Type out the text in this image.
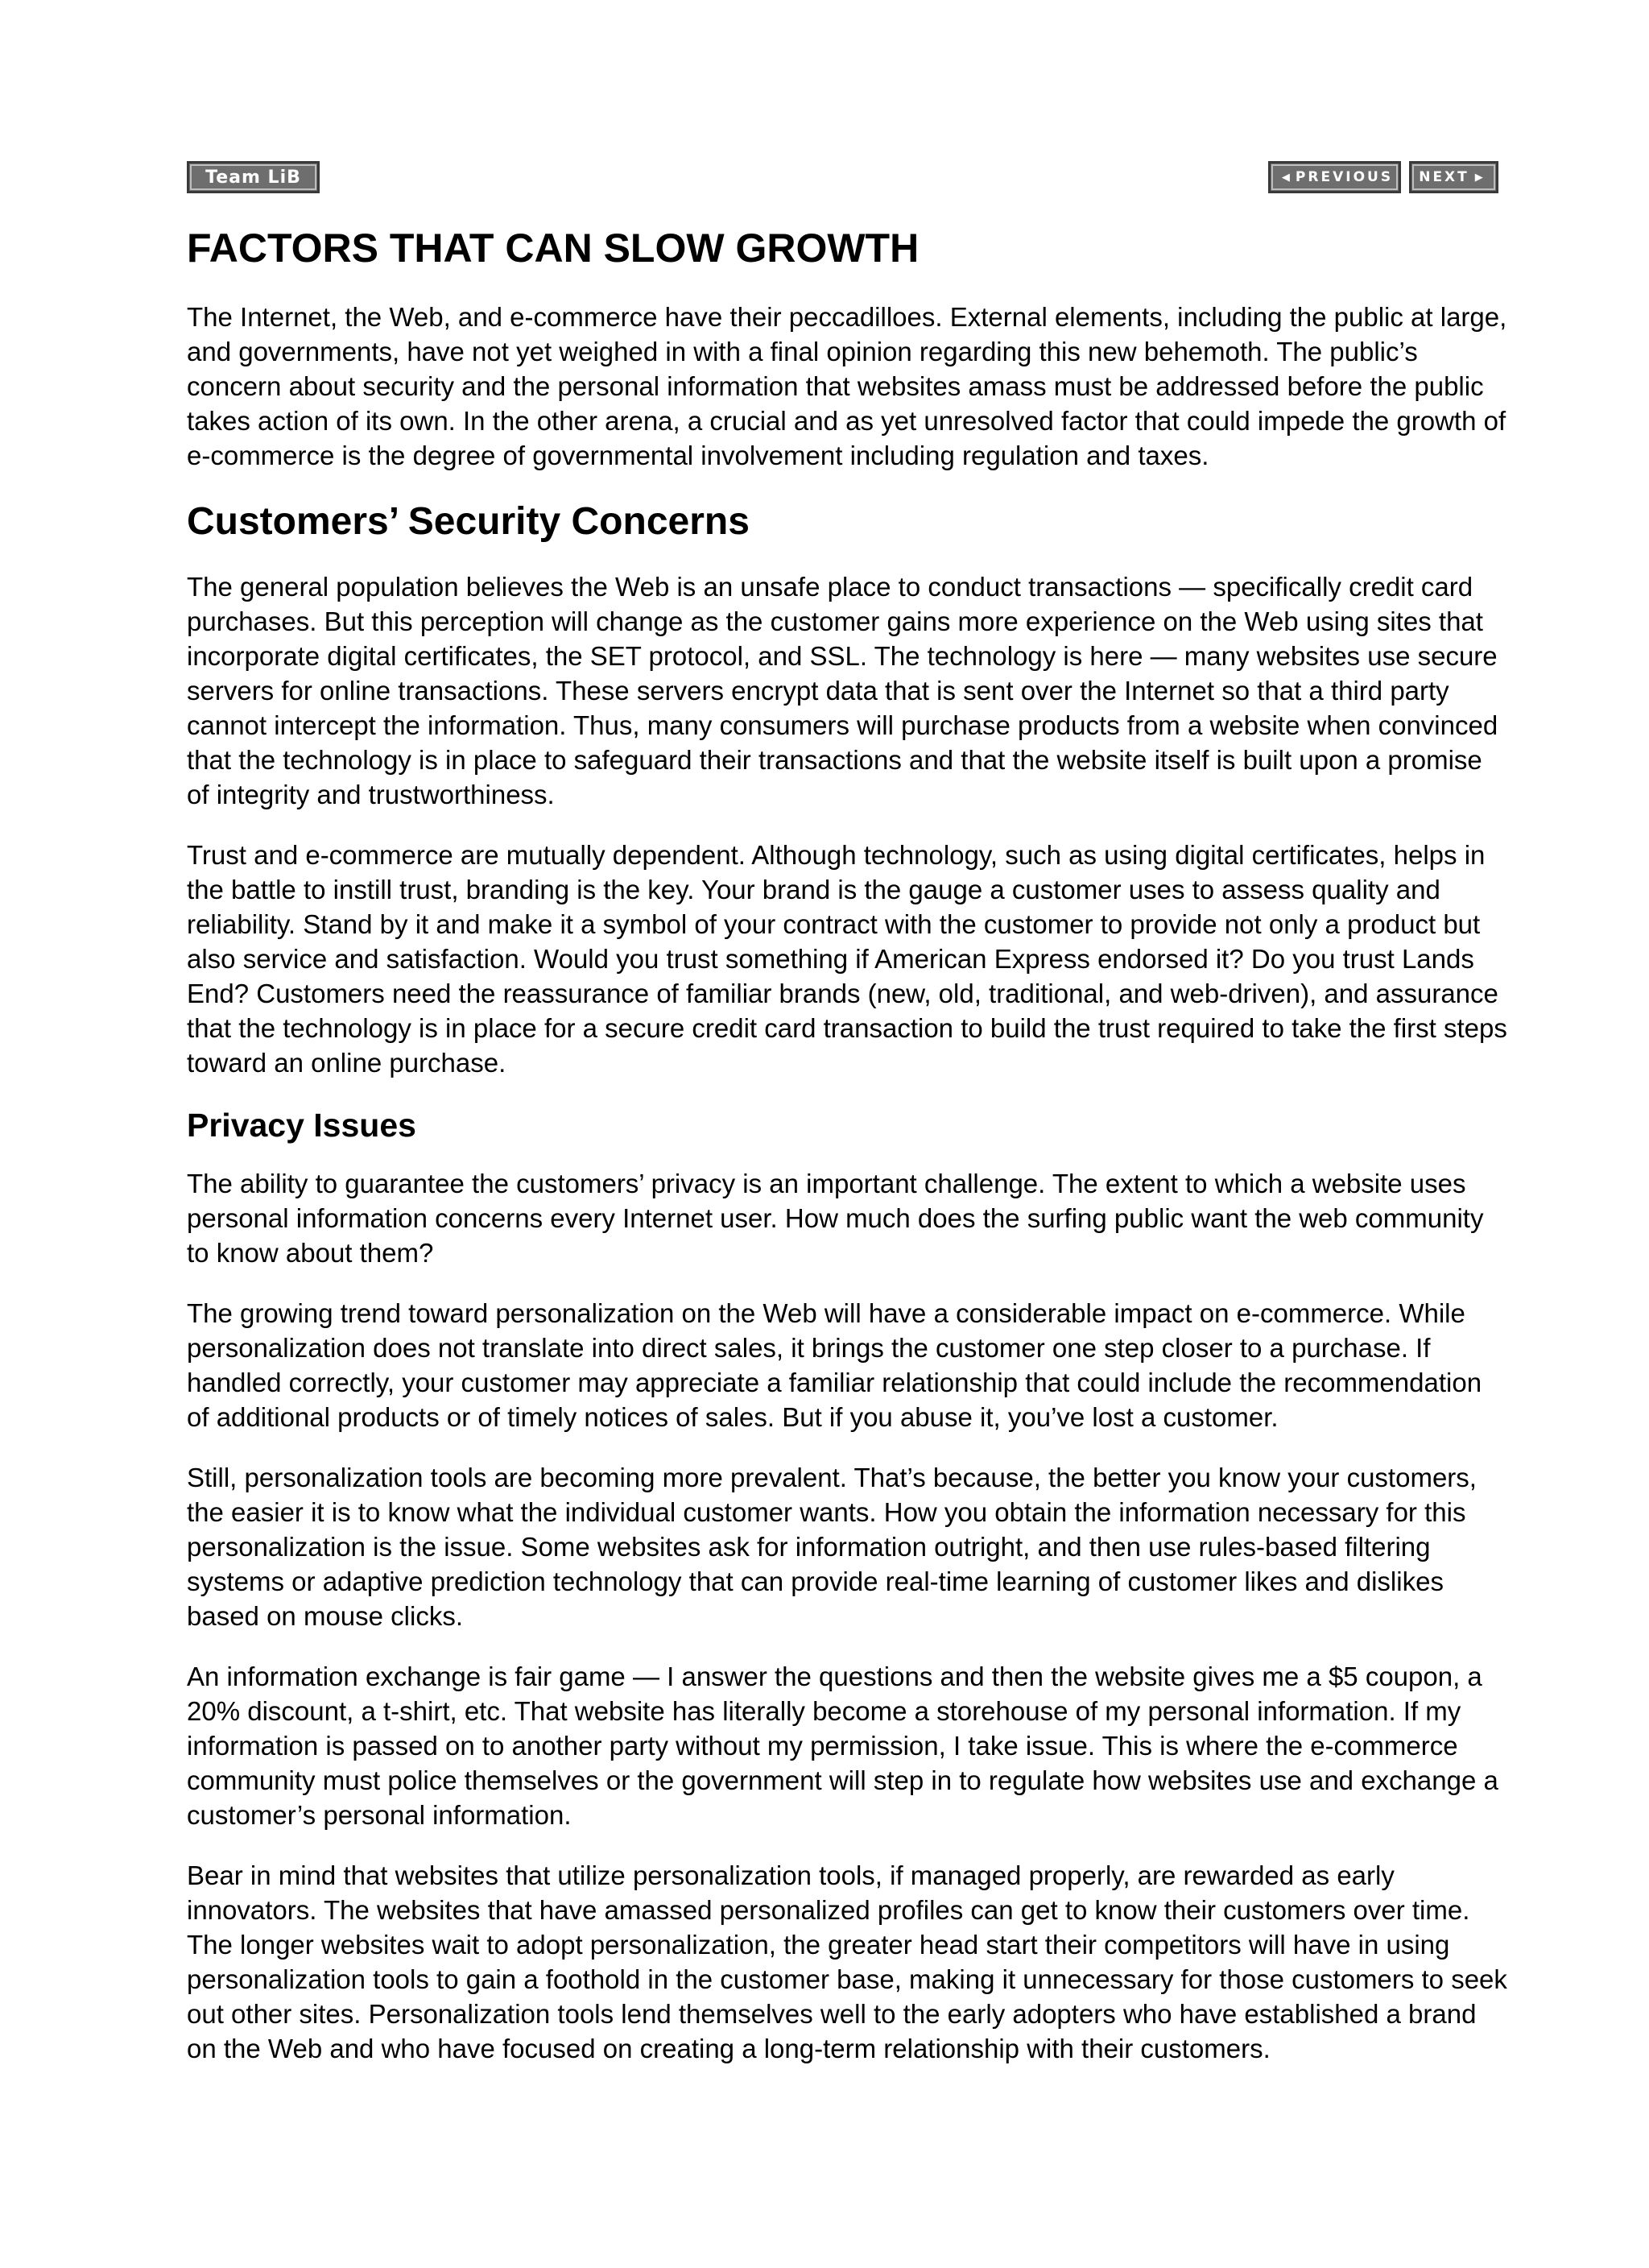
Team LiB	◀ PREVIOUS NEXT ▶
FACTORS THAT CAN SLOW GROWTH

The Internet, the Web, and e-commerce have their peccadilloes. External elements, including the public at large, and governments, have not yet weighed in with a final opinion regarding this new behemoth. The public’s concern about security and the personal information that websites amass must be addressed before the public takes action of its own. In the other arena, a crucial and as yet unresolved factor that could impede the growth of e-commerce is the degree of governmental involvement including regulation and taxes.

Customers’ Security Concerns

The general population believes the Web is an unsafe place to conduct transactions — specifically credit card purchases. But this perception will change as the customer gains more experience on the Web using sites that incorporate digital certificates, the SET protocol, and SSL. The technology is here — many websites use secure servers for online transactions. These servers encrypt data that is sent over the Internet so that a third party cannot intercept the information. Thus, many consumers will purchase products from a website when convinced that the technology is in place to safeguard their transactions and that the website itself is built upon a promise of integrity and trustworthiness.

Trust and e-commerce are mutually dependent. Although technology, such as using digital certificates, helps in the battle to instill trust, branding is the key. Your brand is the gauge a customer uses to assess quality and reliability. Stand by it and make it a symbol of your contract with the customer to provide not only a product but also service and satisfaction. Would you trust something if American Express endorsed it? Do you trust Lands End? Customers need the reassurance of familiar brands (new, old, traditional, and web-driven), and assurance that the technology is in place for a secure credit card transaction to build the trust required to take the first steps toward an online purchase.

Privacy Issues

The ability to guarantee the customers’ privacy is an important challenge. The extent to which a website uses personal information concerns every Internet user. How much does the surfing public want the web community to know about them?

The growing trend toward personalization on the Web will have a considerable impact on e-commerce. While personalization does not translate into direct sales, it brings the customer one step closer to a purchase. If handled correctly, your customer may appreciate a familiar relationship that could include the recommendation of additional products or of timely notices of sales. But if you abuse it, you’ve lost a customer.

Still, personalization tools are becoming more prevalent. That’s because, the better you know your customers, the easier it is to know what the individual customer wants. How you obtain the information necessary for this personalization is the issue. Some websites ask for information outright, and then use rules-based filtering systems or adaptive prediction technology that can provide real-time learning of customer likes and dislikes based on mouse clicks.

An information exchange is fair game — I answer the questions and then the website gives me a $5 coupon, a 20% discount, a t-shirt, etc. That website has literally become a storehouse of my personal information. If my information is passed on to another party without my permission, I take issue. This is where the e-commerce community must police themselves or the government will step in to regulate how websites use and exchange a customer’s personal information.

Bear in mind that websites that utilize personalization tools, if managed properly, are rewarded as early innovators. The websites that have amassed personalized profiles can get to know their customers over time. The longer websites wait to adopt personalization, the greater head start their competitors will have in using personalization tools to gain a foothold in the customer base, making it unnecessary for those customers to seek out other sites. Personalization tools lend themselves well to the early adopters who have established a brand on the Web and who have focused on creating a long-term relationship with their customers.
